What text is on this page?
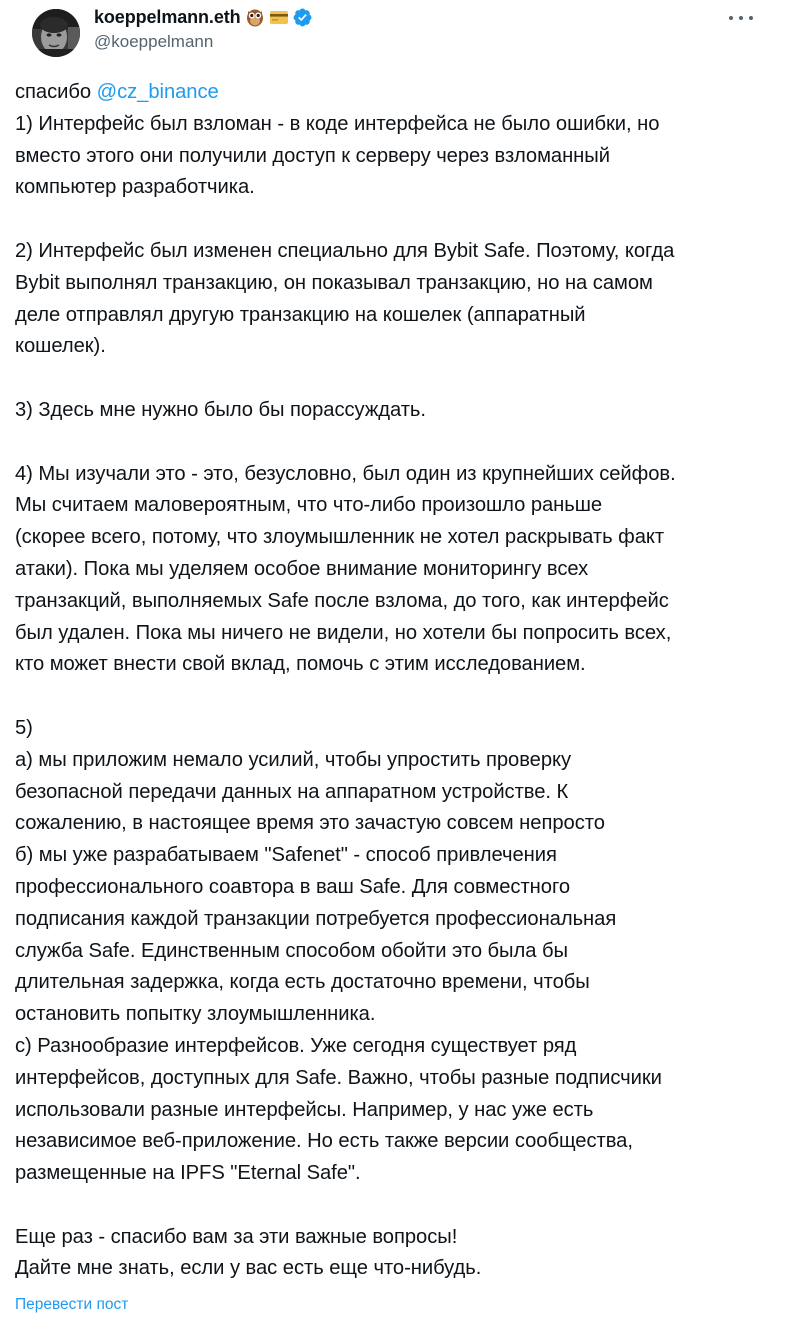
koeppelmann.eth
@koeppelmann
спасибо @cz_binance
1) Интерфейс был взломан - в коде интерфейса не было ошибки, но
вместо этого они получили доступ к серверу через взломанный
компьютер разработчика.
2) Интерфейс был изменен специально для Bybit Safe. Поэтому, когда
Bybit выполнял транзакцию, он показывал транзакцию, но на самом
деле отправлял другую транзакцию на кошелек (аппаратный
кошелек).
3) Здесь мне нужно было бы порассуждать.
4) Мы изучали это - это, безусловно, был один из крупнейших сейфов.
Мы считаем маловероятным, что что-либо произошло раньше
(скорее всего, потому, что злоумышленник не хотел раскрывать факт
атаки). Пока мы уделяем особое внимание мониторингу всех
транзакций, выполняемых Safe после взлома, до того, как интерфейс
был удален. Пока мы ничего не видели, но хотели бы попросить всех,
кто может внести свой вклад, помочь с этим исследованием.
5)
а) мы приложим немало усилий, чтобы упростить проверку
безопасной передачи данных на аппаратном устройстве. К
сожалению, в настоящее время это зачастую совсем непросто
б) мы уже разрабатываем "Safenet" - способ привлечения
профессионального соавтора в ваш Safe. Для совместного
подписания каждой транзакции потребуется профессиональная
служба Safe. Единственным способом обойти это была бы
длительная задержка, когда есть достаточно времени, чтобы
остановить попытку злоумышленника.
с) Разнообразие интерфейсов. Уже сегодня существует ряд
интерфейсов, доступных для Safe. Важно, чтобы разные подписчики
использовали разные интерфейсы. Например, у нас уже есть
независимое веб-приложение. Но есть также версии сообщества,
размещенные на IPFS "Eternal Safe".
Еще раз - спасибо вам за эти важные вопросы!
Дайте мне знать, если у вас есть еще что-нибудь.
Перевести пост
